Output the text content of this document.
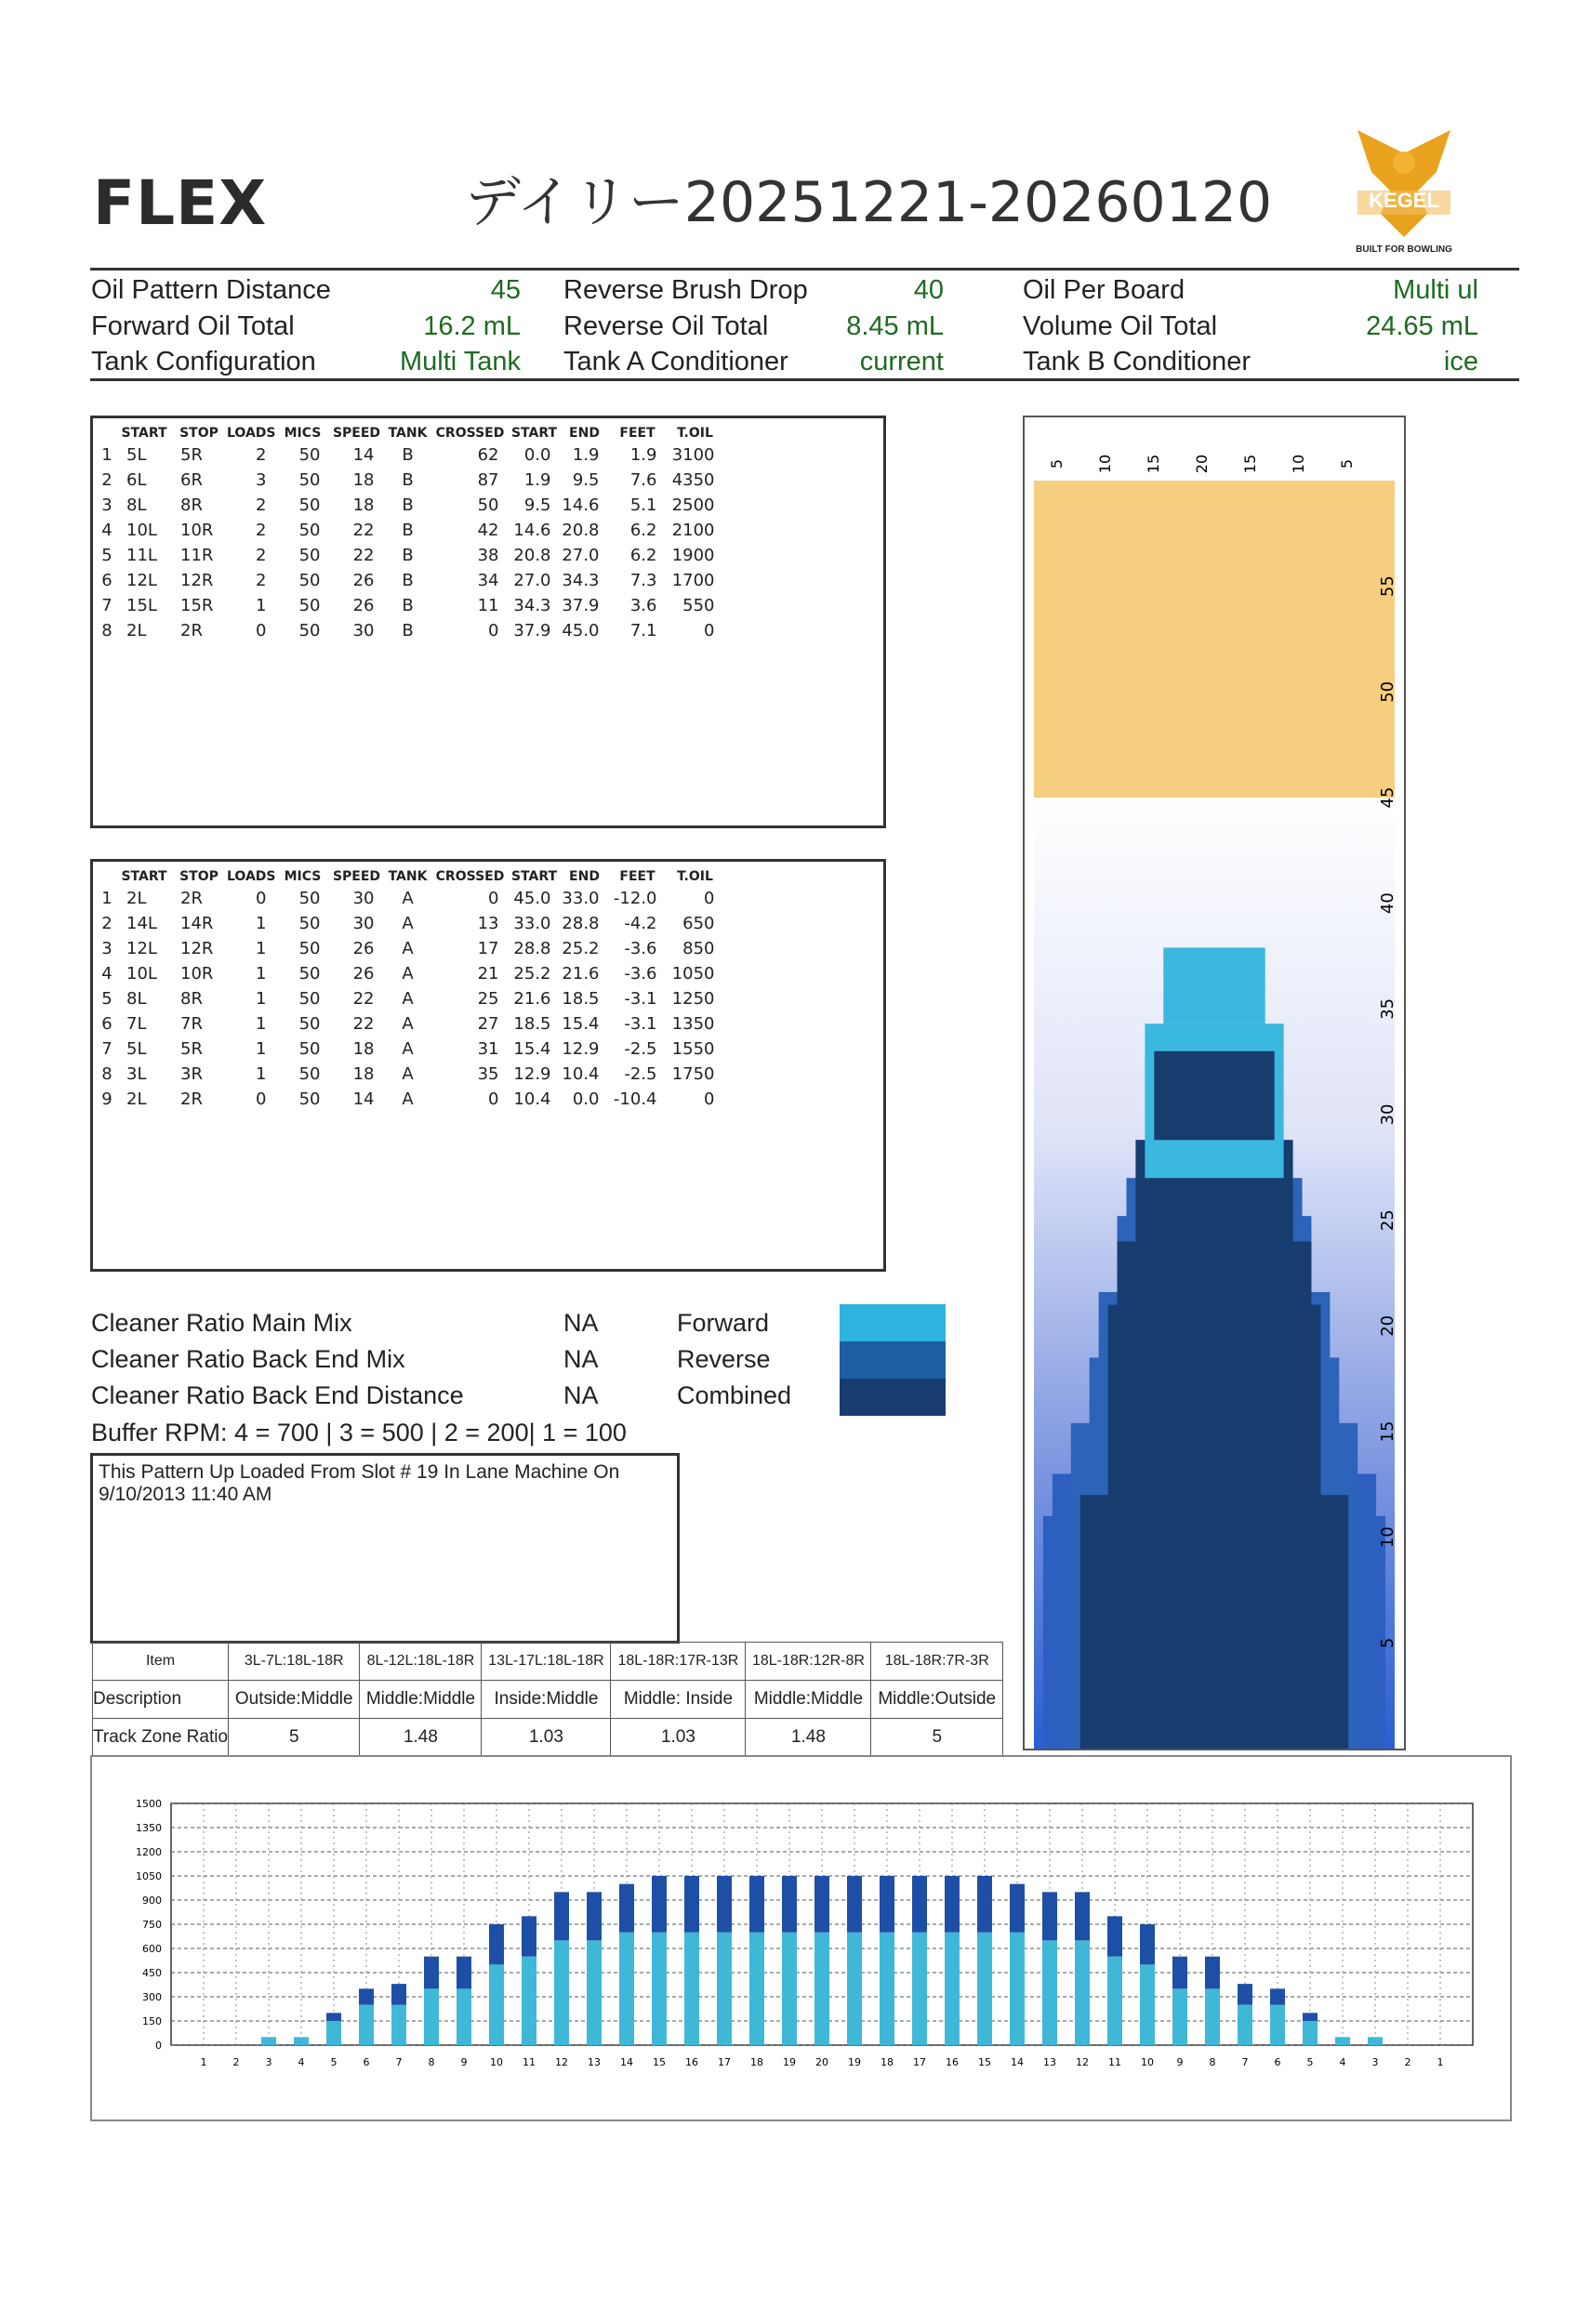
FLEX	デイリー20251221-20260120	KEGEL
BUILT FOR BOWLING
Oil Pattern Distance	45
Forward Oil Total	16.2 mL
Tank Configuration	Multi Tank
Reverse Brush Drop	40
Reverse Oil Total	8.45 mL
Tank A Conditioner	current
Oil Per Board	Multi ul
Volume Oil Total	24.65 mL
Tank B Conditioner	ice
	START	STOP	LOADS	MICS	SPEED	TANK	CROSSED	START	END	FEET	T.OIL
1	5L	5R	2	50	14	B	62	0.0	1.9	1.9	3100
2	6L	6R	3	50	18	B	87	1.9	9.5	7.6	4350
3	8L	8R	2	50	18	B	50	9.5	14.6	5.1	2500
4	10L	10R	2	50	22	B	42	14.6	20.8	6.2	2100
5	11L	11R	2	50	22	B	38	20.8	27.0	6.2	1900
6	12L	12R	2	50	26	B	34	27.0	34.3	7.3	1700
7	15L	15R	1	50	26	B	11	34.3	37.9	3.6	550
8	2L	2R	0	50	30	B	0	37.9	45.0	7.1	0
	START	STOP	LOADS	MICS	SPEED	TANK	CROSSED	START	END	FEET	T.OIL
1	2L	2R	0	50	30	A	0	45.0	33.0	-12.0	0
2	14L	14R	1	50	30	A	13	33.0	28.8	-4.2	650
3	12L	12R	1	50	26	A	17	28.8	25.2	-3.6	850
4	10L	10R	1	50	26	A	21	25.2	21.6	-3.6	1050
5	8L	8R	1	50	22	A	25	21.6	18.5	-3.1	1250
6	7L	7R	1	50	22	A	27	18.5	15.4	-3.1	1350
7	5L	5R	1	50	18	A	31	15.4	12.9	-2.5	1550
8	3L	3R	1	50	18	A	35	12.9	10.4	-2.5	1750
9	2L	2R	0	50	14	A	0	10.4	0.0	-10.4	0
Cleaner Ratio Main Mix	NA
Cleaner Ratio Back End Mix	NA
Cleaner Ratio Back End Distance	NA
Buffer RPM: 4 = 700 | 3 = 500 | 2 = 200| 1 = 100
Forward
Reverse
Combined
This Pattern Up Loaded From Slot # 19 In Lane Machine On 9/10/2013 11:40 AM
Item	3L-7L:18L-18R	8L-12L:18L-18R	13L-17L:18L-18R	18L-18R:17R-13R	18L-18R:12R-8R	18L-18R:7R-3R
Description	Outside:Middle	Middle:Middle	Inside:Middle	Middle: Inside	Middle:Middle	Middle:Outside
Track Zone Ratio	5	1.48	1.03	1.03	1.48	5
5 10 15 20 15 10 5
55
50
45
40
35
30
25
20
15
10
5
1500
1350
1200
1050
900
750
600
450
300
150
0
1	2	3	4	5	6	7	8	9 10 11 12 13 14 15 16 17 18 19 20 19 18 17 16 15 14 13 12 11 10 9	8	7	6	5	4	3	2	1
